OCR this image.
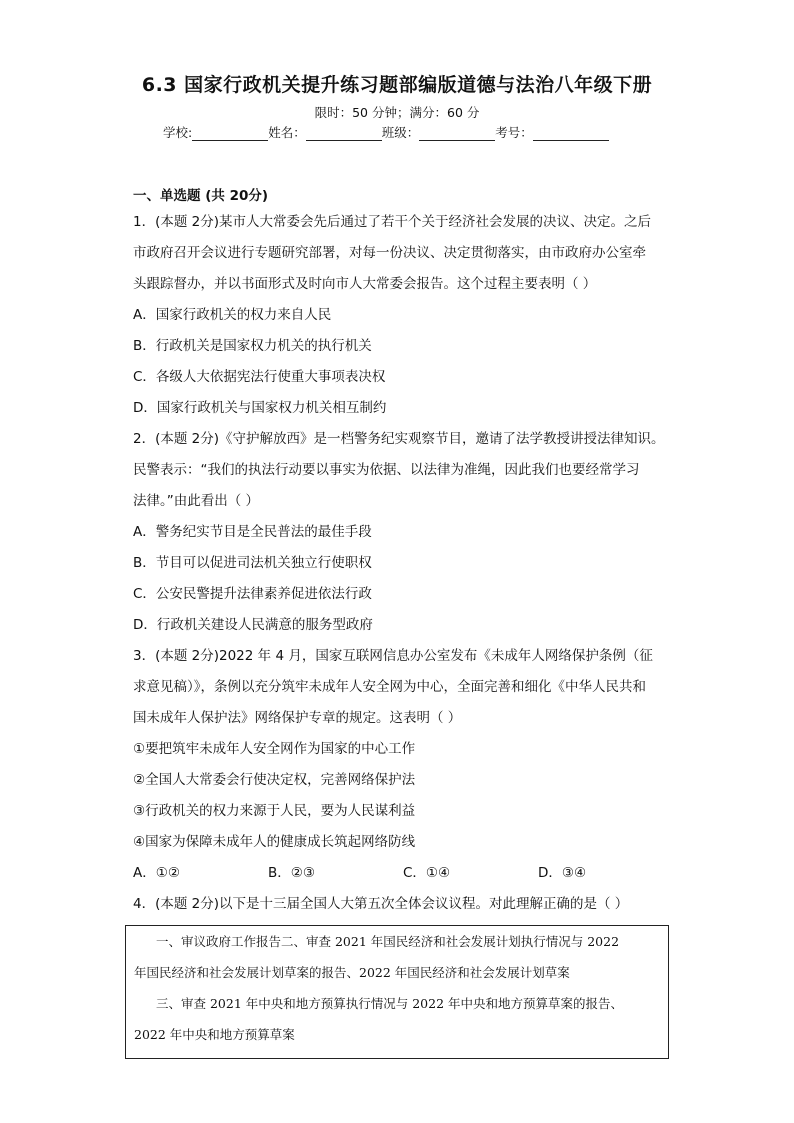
6.3 国家行政机关提升练习题部编版道德与法治八年级下册
限时：50 分钟；满分：60 分
学校:	姓名：	班级：	考号：
一、单选题 (共 20分)
1．(本题 2分)某市人大常委会先后通过了若干个关于经济社会发展的决议、决定。之后
市政府召开会议进行专题研究部署，对每一份决议、决定贯彻落实，由市政府办公室牵
头跟踪督办，并以书面形式及时向市人大常委会报告。这个过程主要表明（ ）
A．国家行政机关的权力来自人民
B．行政机关是国家权力机关的执行机关
C．各级人大依据宪法行使重大事项表决权
D．国家行政机关与国家权力机关相互制约
2．(本题 2分)《守护解放西》是一档警务纪实观察节目，邀请了法学教授讲授法律知识。
民警表示：“我们的执法行动要以事实为依据、以法律为准绳，因此我们也要经常学习
法律。”由此看出（ ）
A．警务纪实节目是全民普法的最佳手段
B．节目可以促进司法机关独立行使职权
C．公安民警提升法律素养促进依法行政
D．行政机关建设人民满意的服务型政府
3．(本题 2分)2022 年 4 月，国家互联网信息办公室发布《未成年人网络保护条例（征
求意见稿）》，条例以充分筑牢未成年人安全网为中心，全面完善和细化《中华人民共和
国未成年人保护法》网络保护专章的规定。这表明（ ）
①要把筑牢未成年人安全网作为国家的中心工作
②全国人大常委会行使决定权，完善网络保护法
③行政机关的权力来源于人民，要为人民谋利益
④国家为保障未成年人的健康成长筑起网络防线
A．①②	B．②③	C．①④	D．③④
4．(本题 2分)以下是十三届全国人大第五次全体会议议程。对此理解正确的是（ ）
一、审议政府工作报告二、审查 2021 年国民经济和社会发展计划执行情况与 2022
年国民经济和社会发展计划草案的报告、2022 年国民经济和社会发展计划草案
三、审查 2021 年中央和地方预算执行情况与 2022 年中央和地方预算草案的报告、
2022 年中央和地方预算草案
